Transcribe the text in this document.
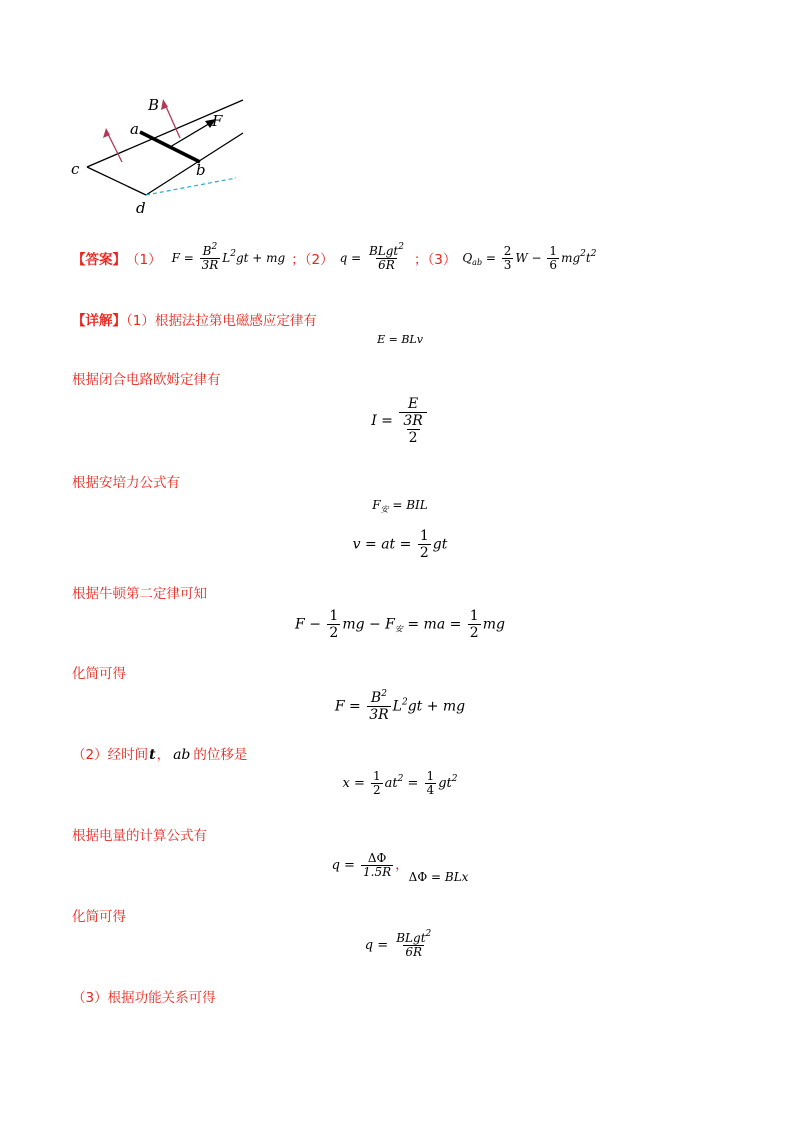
B
a	F
c	b
d
【答案】 （1） $F = \frac{B^2}{3R} L^2gt$ + mg ；（2） $q = \frac{BLgt^2}{6R}$ ；（3） $Q_{ab} = \frac{2}{3}$ $W - \frac{1}{6} mg^2t^2$
【详解】（1）根据法拉第电磁感应定律有
E = BLv
根据闭合电路欧姆定律有
$I = \frac{E}{\frac{3R}{2}}$
根据安培力公式有
$F_安$ = BIL
v = at = $\frac{1}{2}$ gt
根据牛顿第二定律可知
$F - \frac{1}{2}$ mg − $F_安$ = ma = $\frac{1}{2}$ mg
化简可得
$F = \frac{B^2}{3R} L^2gt$ + mg
（2）经时间t， ab 的位移是
$x = \frac{1}{2} at^2 = \frac{1}{4} gt^2$
根据电量的计算公式有
$q = \frac{\Delta\Phi}{1.5R}$ ，ΔΦ = BLx
化简可得
$q = \frac{BLgt^2}{6R}$
（3）根据功能关系可得
